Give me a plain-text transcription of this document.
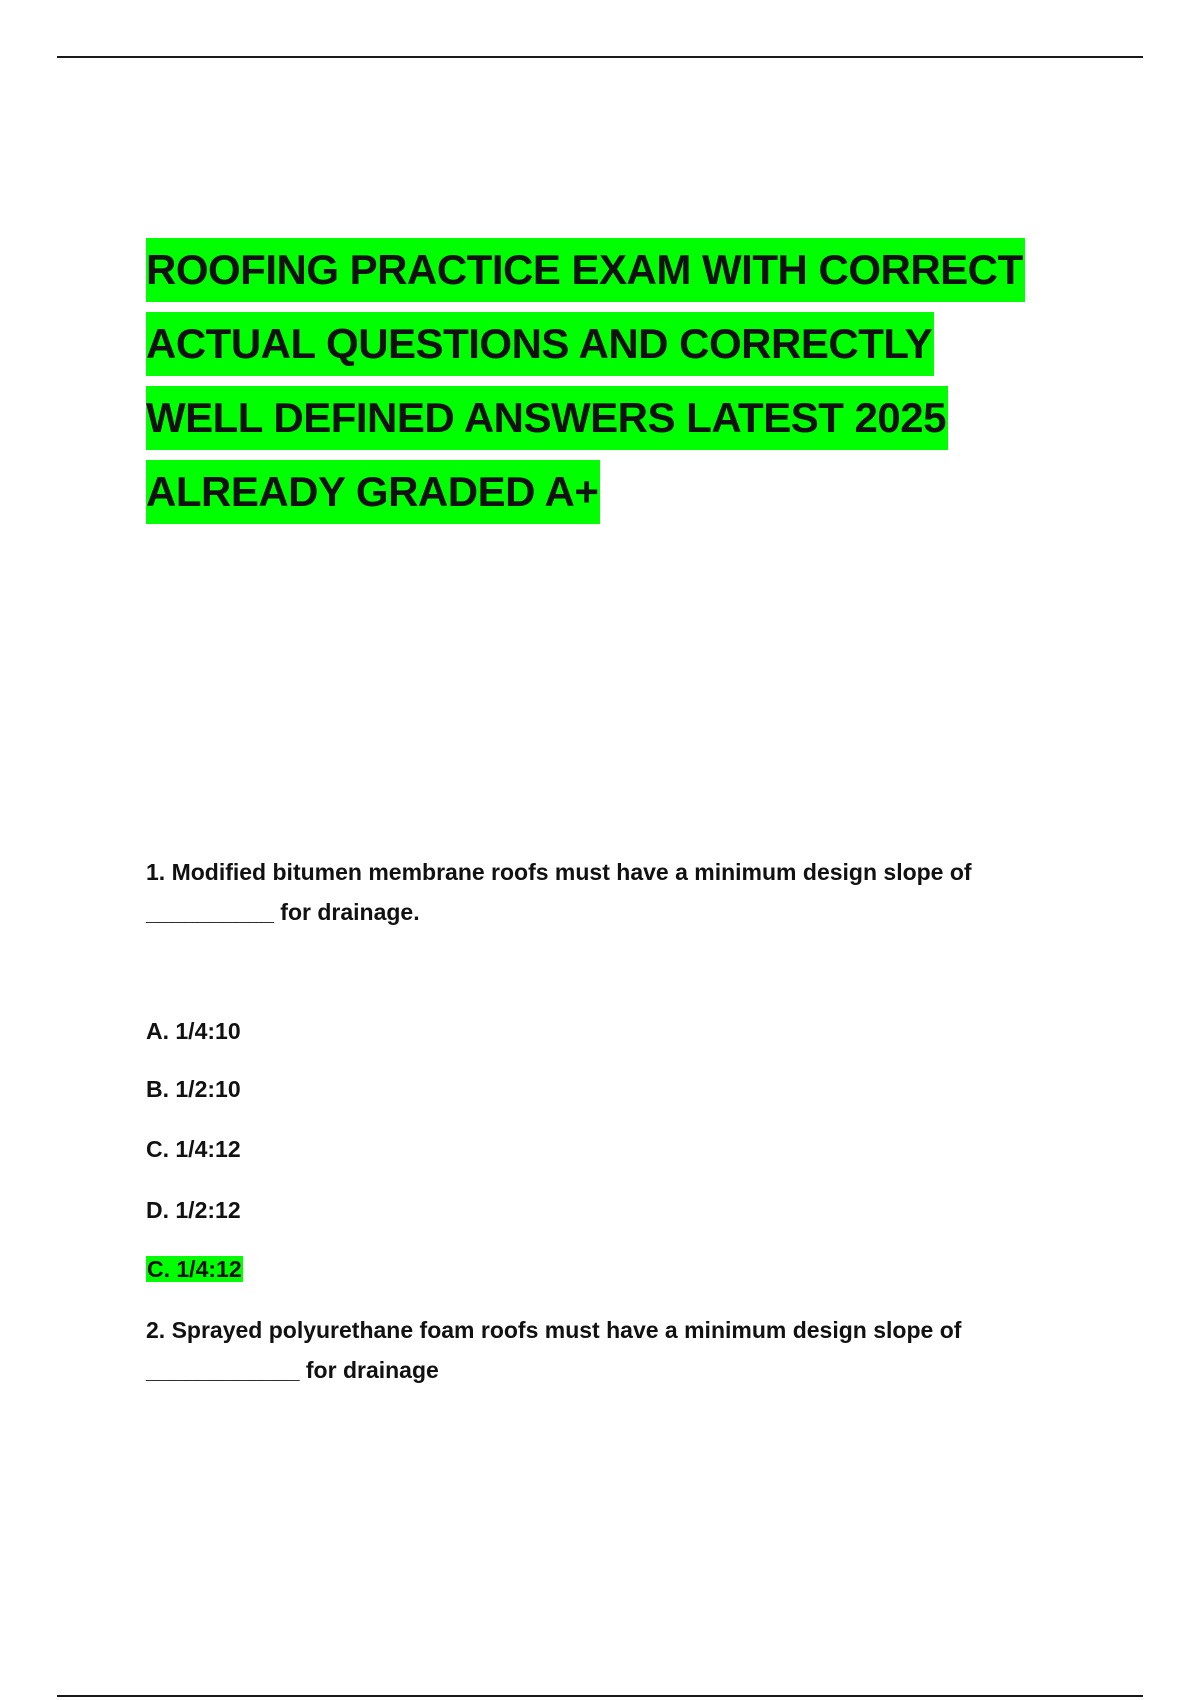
ROOFING PRACTICE EXAM WITH CORRECT
ACTUAL QUESTIONS AND CORRECTLY
WELL DEFINED ANSWERS LATEST 2025
ALREADY GRADED A+
1. Modified bitumen membrane roofs must have a minimum design slope of __________ for drainage.
A. 1/4:10
B. 1/2:10
C. 1/4:12
D. 1/2:12
C. 1/4:12
2. Sprayed polyurethane foam roofs must have a minimum design slope of ____________ for drainage
